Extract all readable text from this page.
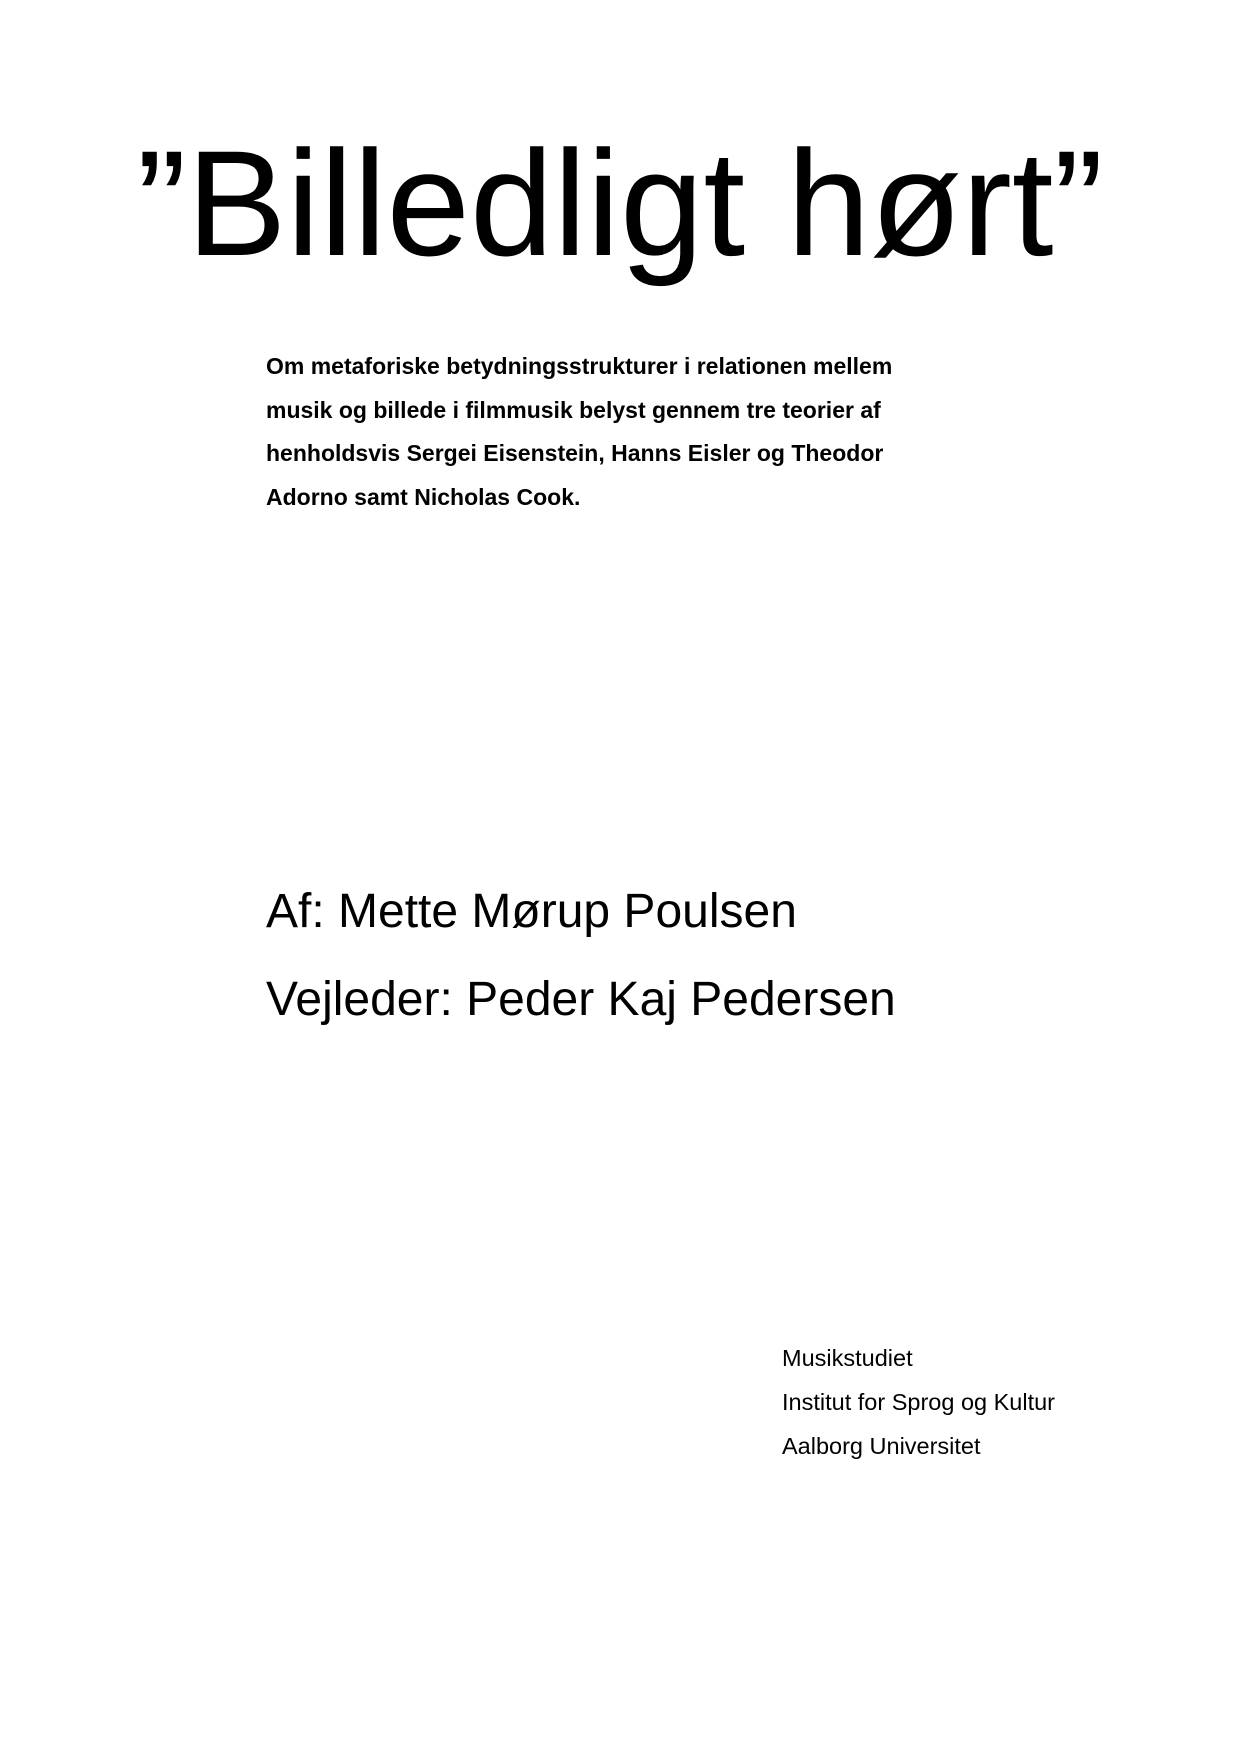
”Billedligt hørt”
Om metaforiske betydningsstrukturer i relationen mellem
musik og billede i filmmusik belyst gennem tre teorier af
henholdsvis Sergei Eisenstein, Hanns Eisler og Theodor
Adorno samt Nicholas Cook.
Af: Mette Mørup Poulsen
Vejleder: Peder Kaj Pedersen
Musikstudiet
Institut for Sprog og Kultur
Aalborg Universitet
